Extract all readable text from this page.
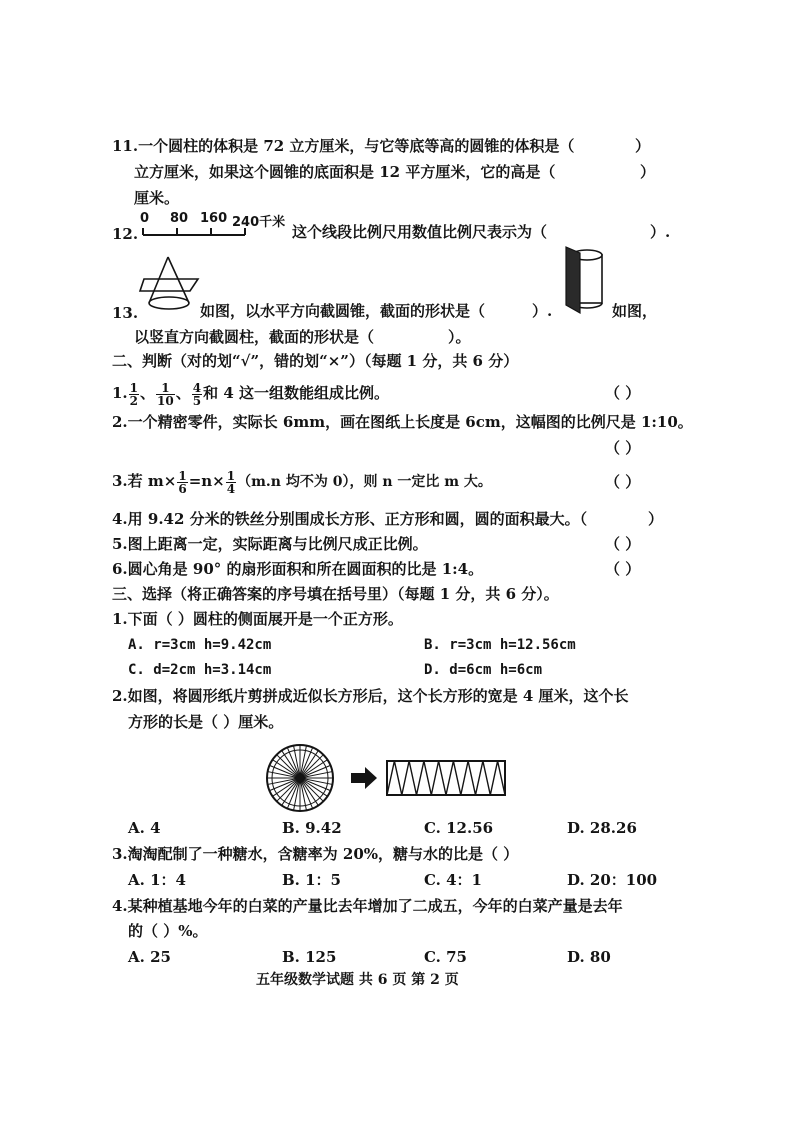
11.一个圆柱的体积是 72 立方厘米，与它等底等高的圆锥的体积是（	）
立方厘米，如果这个圆锥的底面积是 12 平方厘米，它的高是（	）
厘米。
12.
0 80 160 240千米
这个线段比例尺用数值比例尺表示为（	）.
13.	如图，以水平方向截圆锥，截面的形状是（	）.	如图，
以竖直方向截圆柱，截面的形状是（	）。
二、判断（对的划“√”，错的划“×”）（每题 1 分，共 6 分）
1. $\frac{1}{2}$ 、 $\frac{1}{10}$ 、 $\frac{4}{5}$ 和 4 这一组数能组成比例。	（ ）
2.一个精密零件，实际长 6mm，画在图纸上长度是 6cm，这幅图的比例尺是 1:10。
（ ）
3.若 $m\times \frac{1}{6} =n\times \frac{1}{4} (m.n$ 均不为 0），则 n 一定比 m 大。	（ ）
4.用 9.42 分米的铁丝分别围成长方形、正方形和圆，圆的面积最大。（	）
5.图上距离一定，实际距离与比例尺成正比例。	（ ）
6.圆心角是 90° 的扇形面积和所在圆面积的比是 1:4。	（ ）
三、选择（将正确答案的序号填在括号里）（每题 1 分，共 6 分）。
1.下面（ ）圆柱的侧面展开是一个正方形。
A. r=3cm h=9.42cm	B. r=3cm h=12.56cm
C. d=2cm h=3.14cm	D. d=6cm h=6cm
2.如图，将圆形纸片剪拼成近似长方形后，这个长方形的宽是 4 厘米，这个长
方形的长是（ ）厘米。
A. 4	B. 9.42	C. 12.56	D. 28.26
3.淘淘配制了一种糖水，含糖率为 20%，糖与水的比是（ ）
A. 1：4	B. 1：5	C. 4：1	D. 20：100
4.某种植基地今年的白菜的产量比去年增加了二成五，今年的白菜产量是去年
的（ ）%。
A. 25	B. 125	C. 75	D. 80
五年级数学试题 共 6 页 第 2 页
